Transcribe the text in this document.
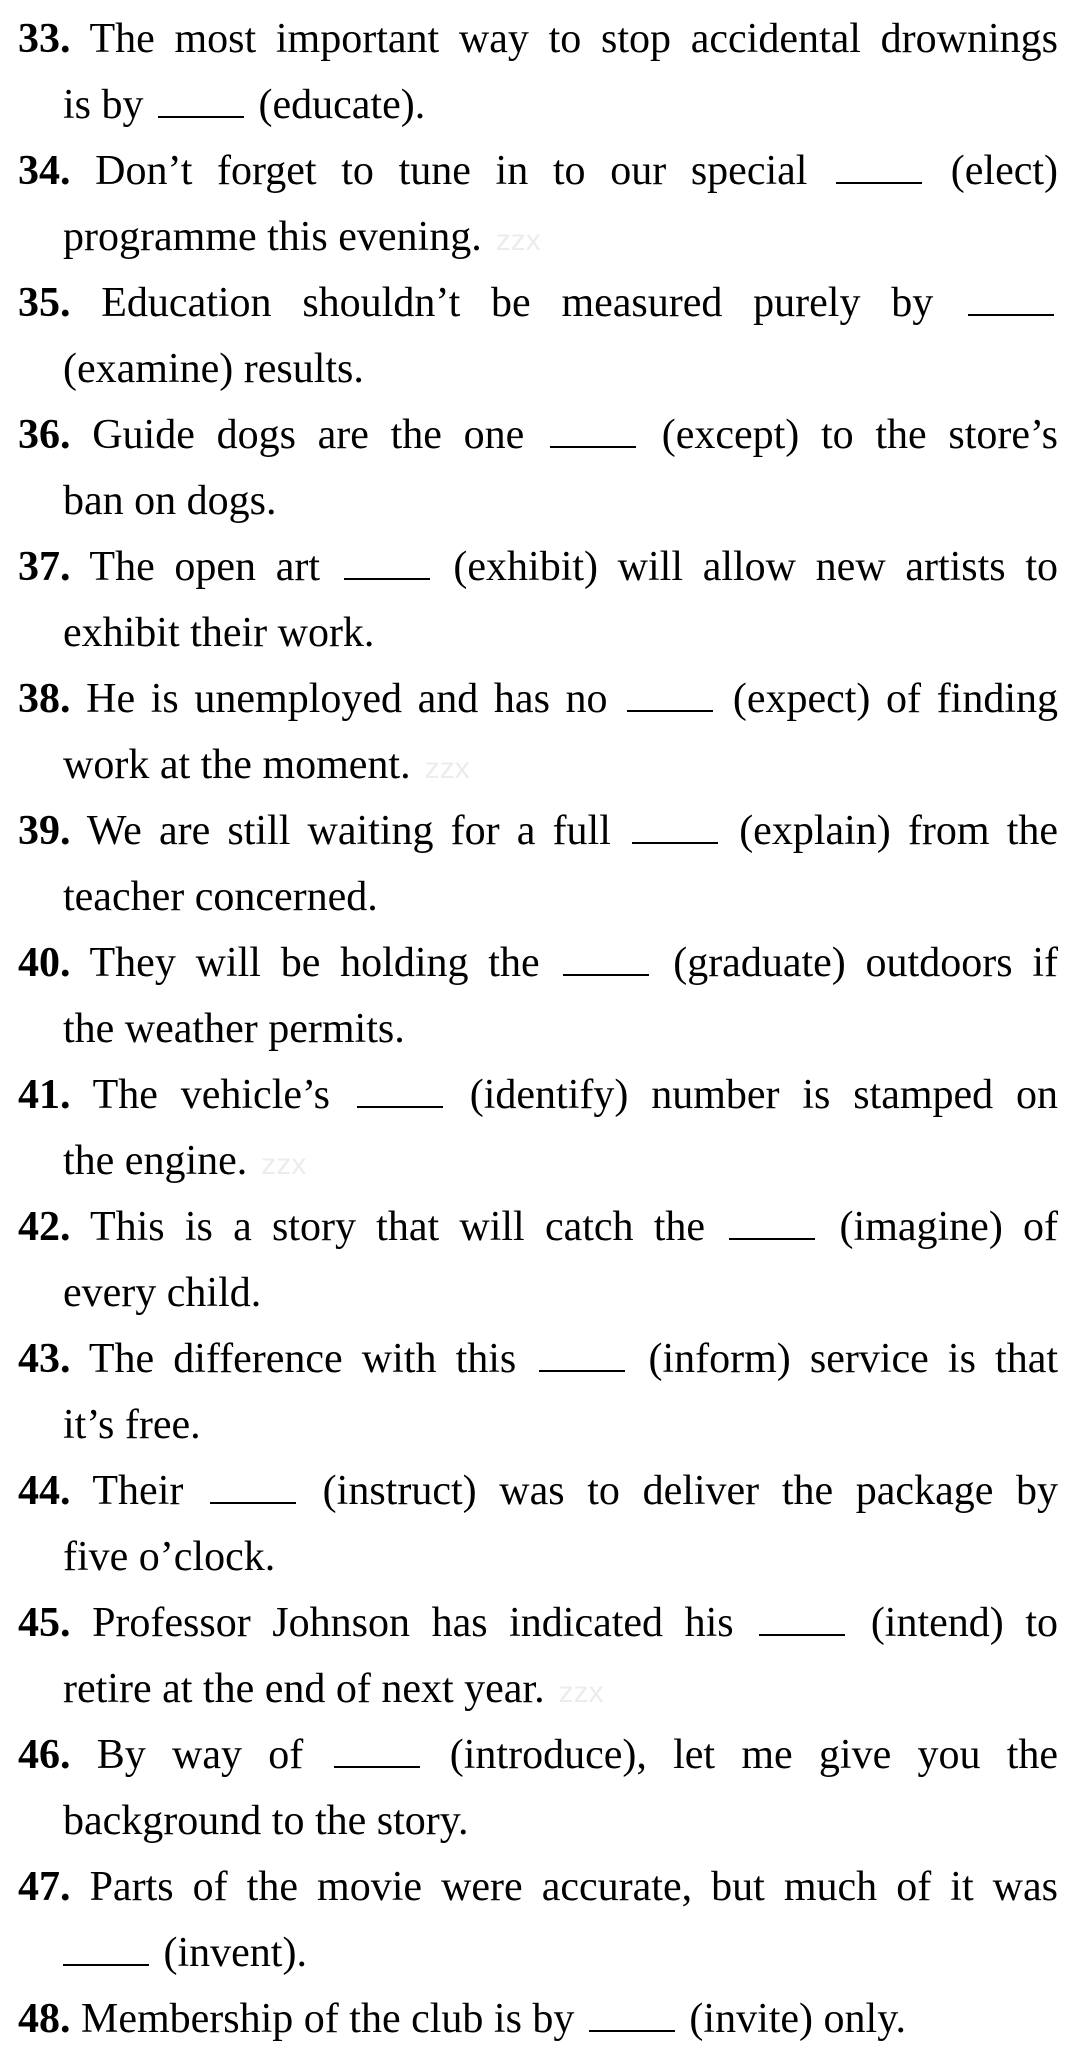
33. The most important way to stop accidental drownings
is by	(educate).
34. Don’t forget to tune in to our special	(elect)
programme this evening. zzx
35. Education shouldn’t be measured purely by
(examine) results.
36. Guide dogs are the one	(except) to the store’s
ban on dogs.
37. The open art	(exhibit) will allow new artists to
exhibit their work.
38. He is unemployed and has no	(expect) of finding
work at the moment. zzx
39. We are still waiting for a full	(explain) from the
teacher concerned.
40. They will be holding the	(graduate) outdoors if
the weather permits.
41. The vehicle’s	(identify) number is stamped on
the engine. zzx
42. This is a story that will catch the	(imagine) of
every child.
43. The difference with this	(inform) service is that
it’s free.
44. Their	(instruct) was to deliver the package by
five o’clock.
45. Professor Johnson has indicated his	(intend) to
retire at the end of next year. zzx
46. By way of	(introduce), let me give you the
background to the story.
47. Parts of the movie were accurate, but much of it was
(invent).
48. Membership of the club is by	(invite) only.
